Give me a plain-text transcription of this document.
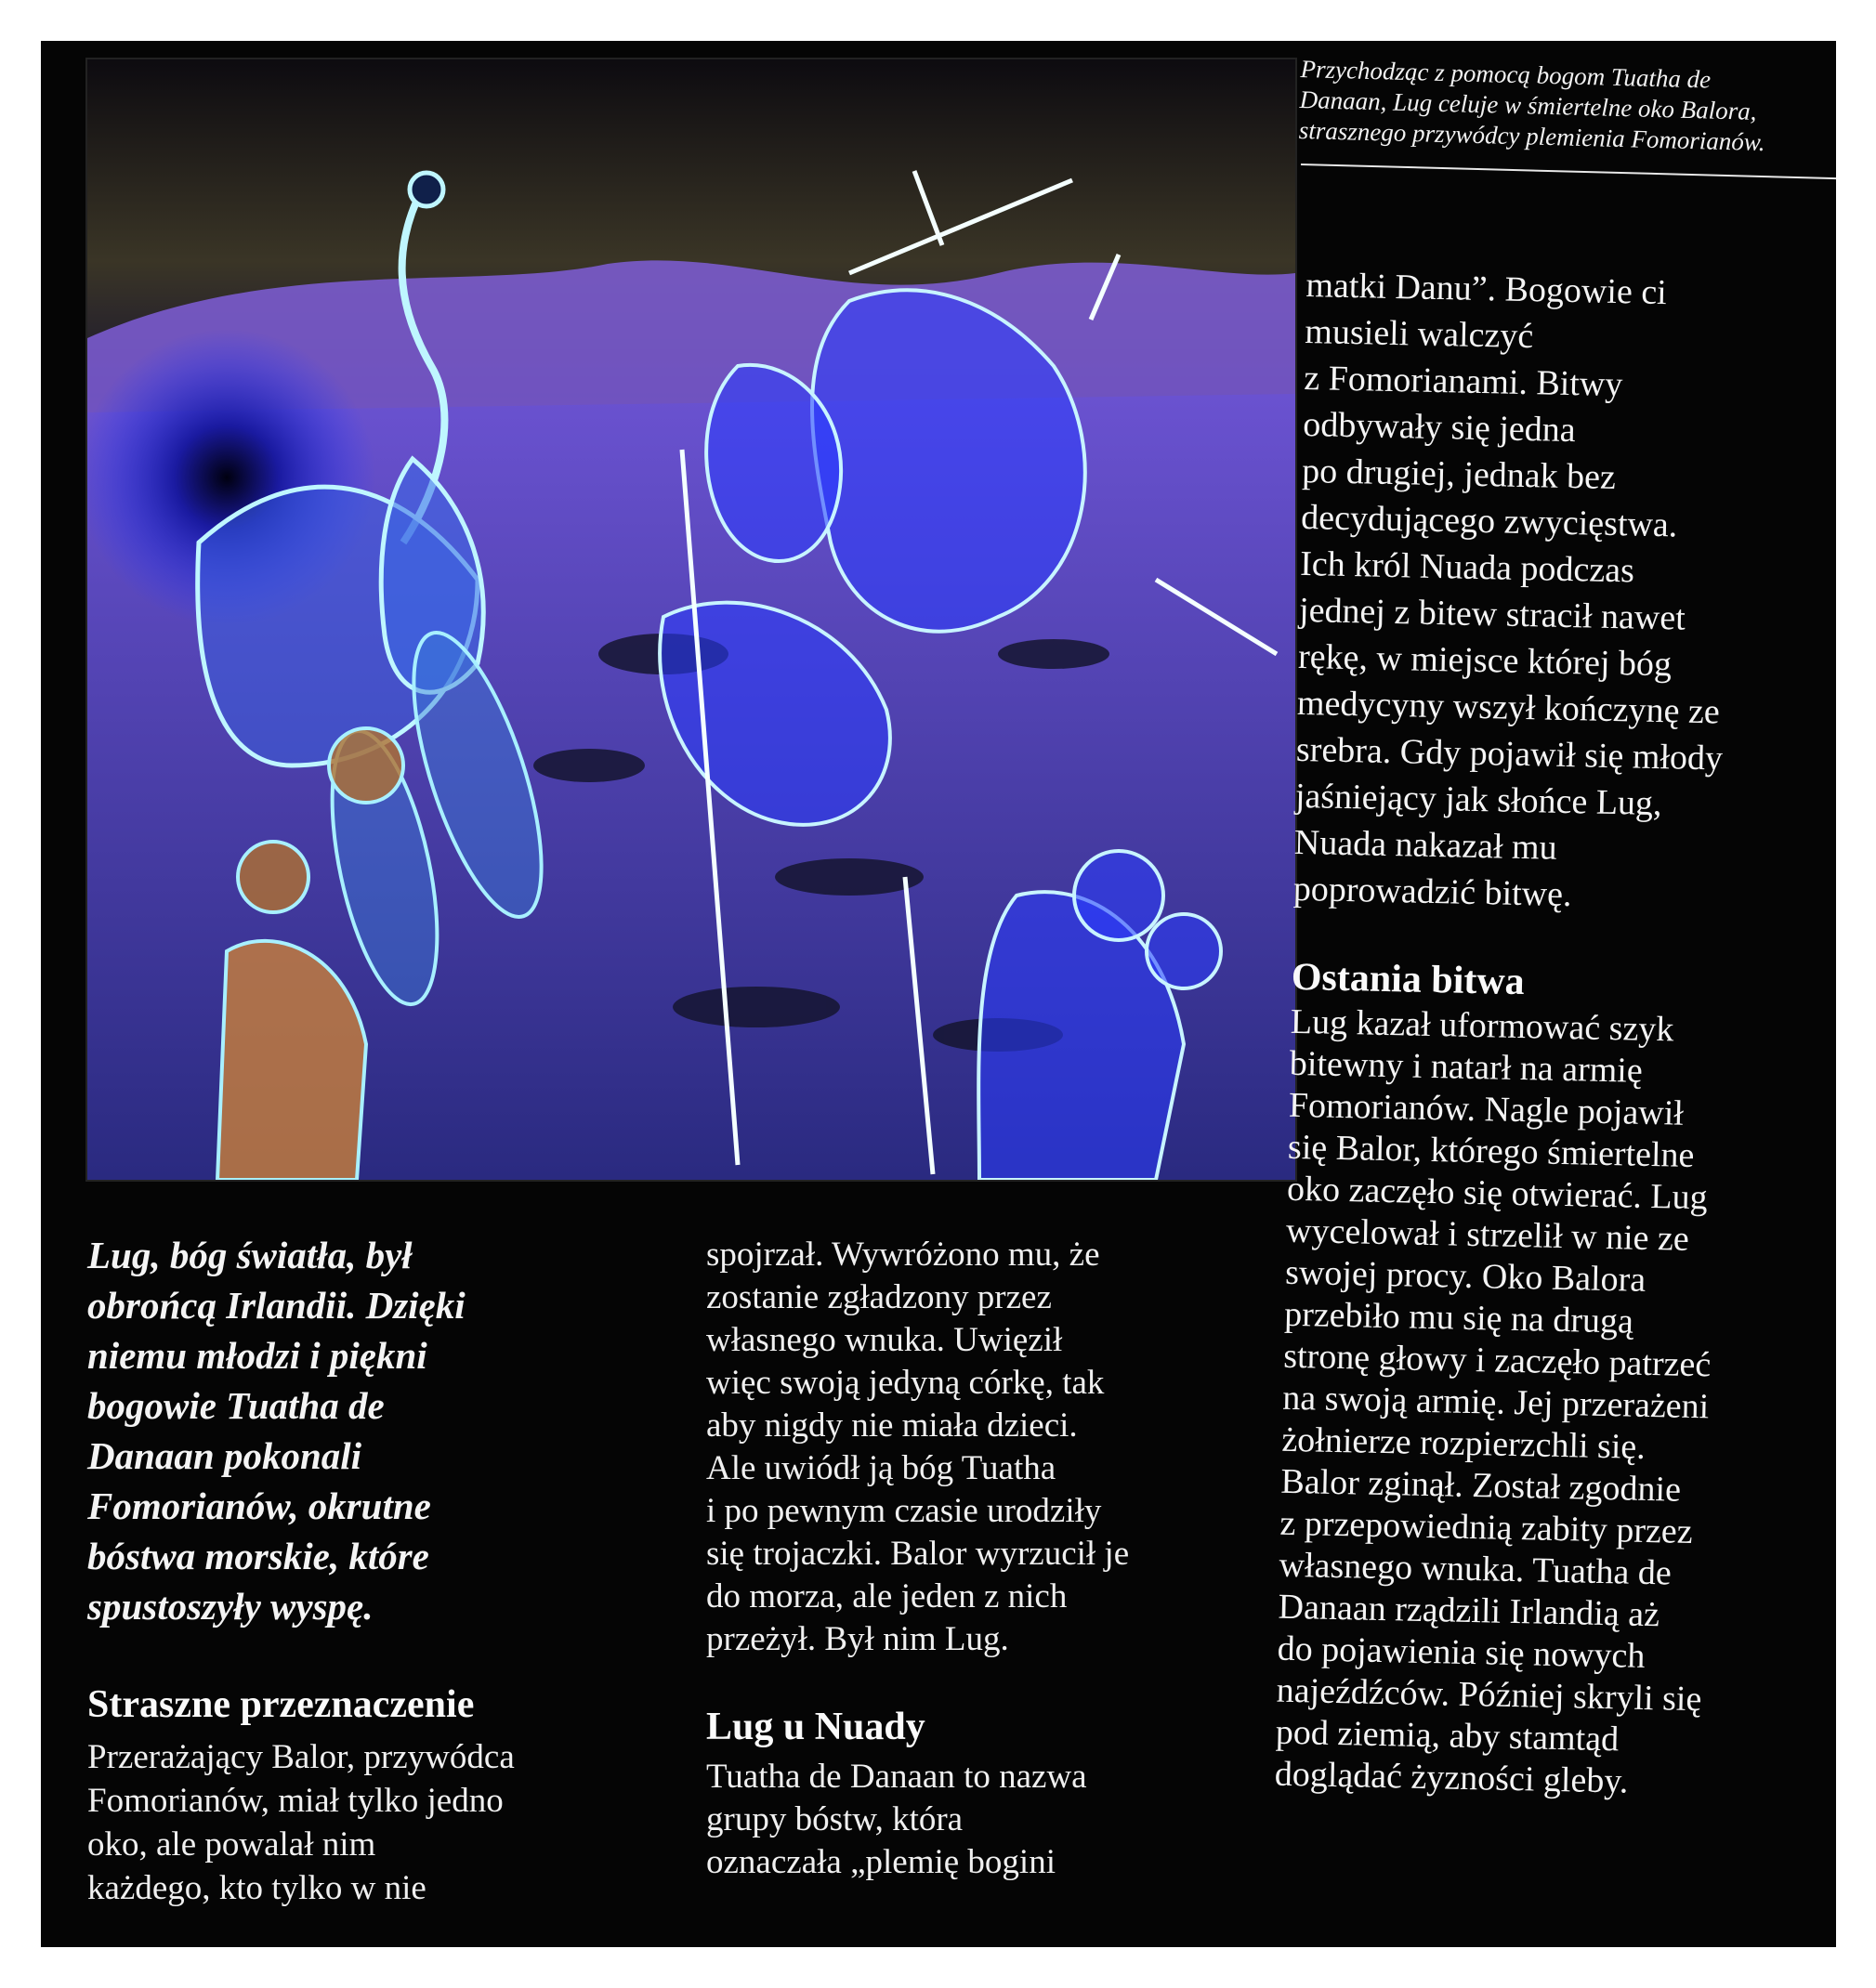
Przychodząc z pomocą bogom Tuatha de
Danaan, Lug celuje w śmiertelne oko Balora,
strasznego przywódcy plemienia Fomorianów.

matki Danu”. Bogowie ci

musieli walczyć

z Fomorianami. Bitwy

odbywały się jedna

po drugiej, jednak bez

decydującego zwycięstwa.

Ich król Nuada podczas

jednej z bitew stracił nawet

rękę, w miejsce której bóg

medycyny wszył kończynę ze

srebra. Gdy pojawił się młody

jaśniejący jak słońce Lug,

Nuada nakazał mu

poprowadzić bitwę.

Ostania bitwa

Lug kazał uformować szyk

bitewny i natarł na armię

Fomorianów. Nagle pojawił

się Balor, którego śmiertelne

oko zaczęło się otwierać. Lug

wycelował i strzelił w nie ze

swojej procy. Oko Balora

przebiło mu się na drugą

stronę głowy i zaczęło patrzeć

na swoją armię. Jej przerażeni

żołnierze rozpierzchli się.

Balor zginął. Został zgodnie

z przepowiednią zabity przez

własnego wnuka. Tuatha de

Danaan rządzili Irlandią aż

do pojawienia się nowych

najeźdźców. Później skryli się

pod ziemią, aby stamtąd

doglądać żyzności gleby.

Lug, bóg światła, był

obrońcą Irlandii. Dzięki

niemu młodzi i piękni

bogowie Tuatha de

Danaan pokonali

Fomorianów, okrutne

bóstwa morskie, które

spustoszyły wyspę.

Straszne przeznaczenie

Przerażający Balor, przywódca

Fomorianów, miał tylko jedno

oko, ale powalał nim

każdego, kto tylko w nie

spojrzał. Wywróżono mu, że

zostanie zgładzony przez

własnego wnuka. Uwięził

więc swoją jedyną córkę, tak

aby nigdy nie miała dzieci.

Ale uwiódł ją bóg Tuatha

i po pewnym czasie urodziły

się trojaczki. Balor wyrzucił je

do morza, ale jeden z nich

przeżył. Był nim Lug.

Lug u Nuady

Tuatha de Danaan to nazwa

grupy bóstw, która

oznaczała „plemię bogini
